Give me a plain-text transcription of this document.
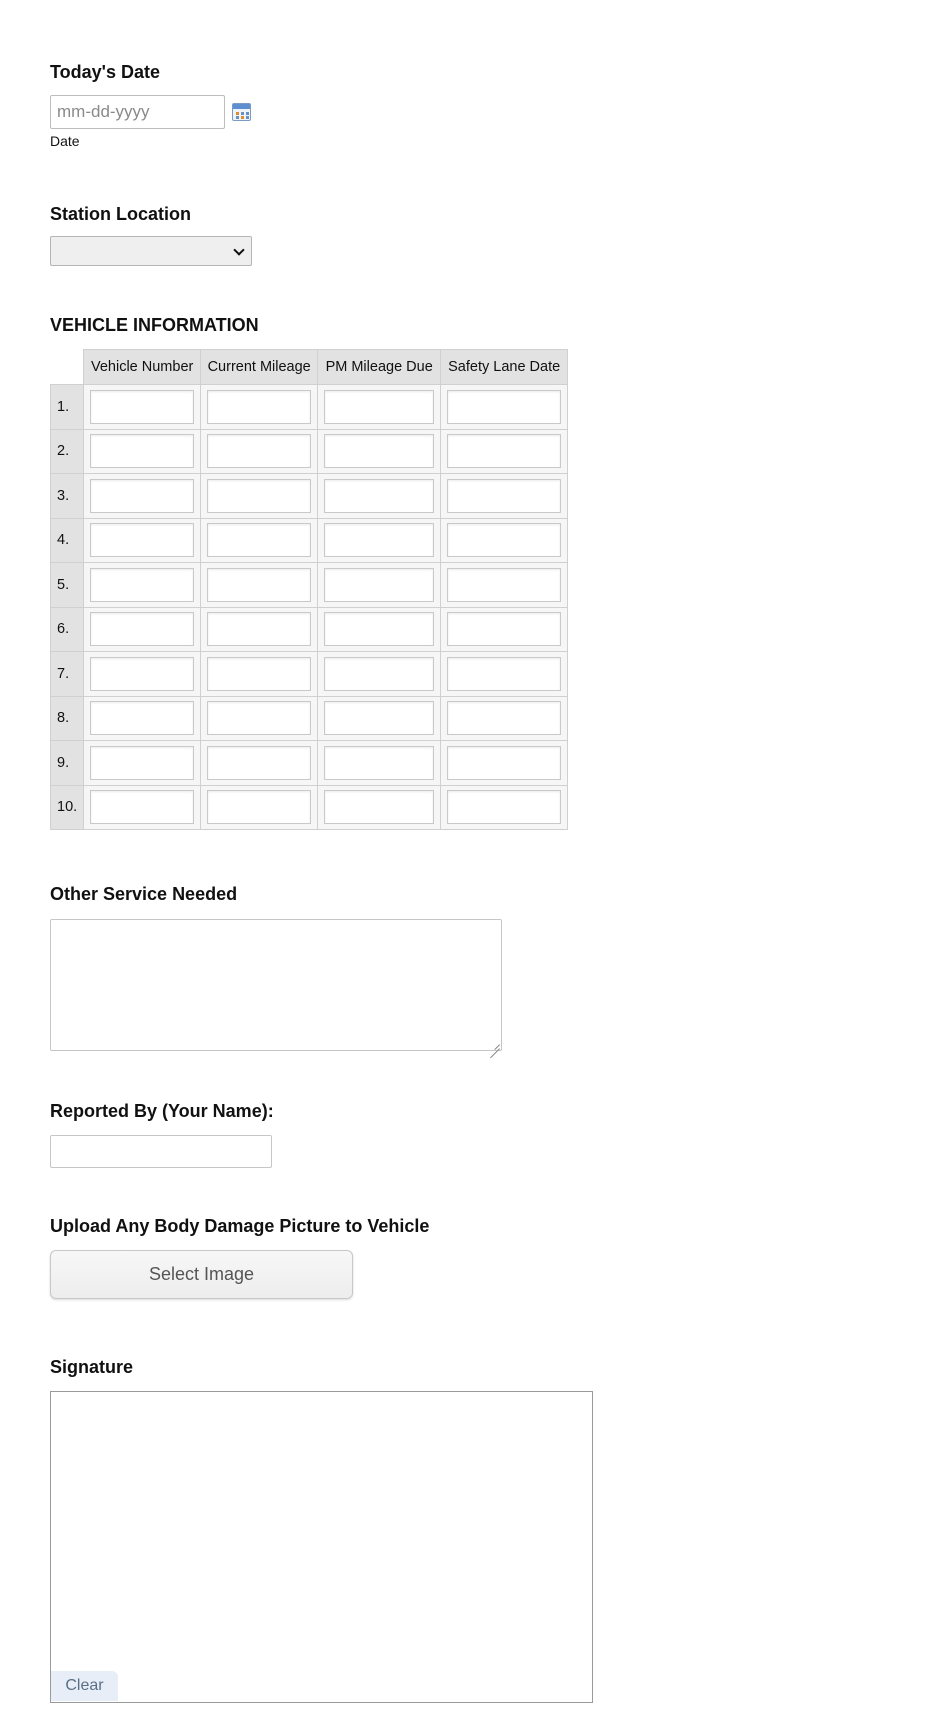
Today's Date
mm-dd-yyyy
Date
Station Location
VEHICLE INFORMATION
	Vehicle Number	Current Mileage	PM Mileage Due	Safety Lane Date
1.	

2.	

3.	

4.	

5.	

6.	

7.	

8.	

9.	

10.	

Other Service Needed
Reported By (Your Name):
Upload Any Body Damage Picture to Vehicle
Select Image
Signature
Clear
